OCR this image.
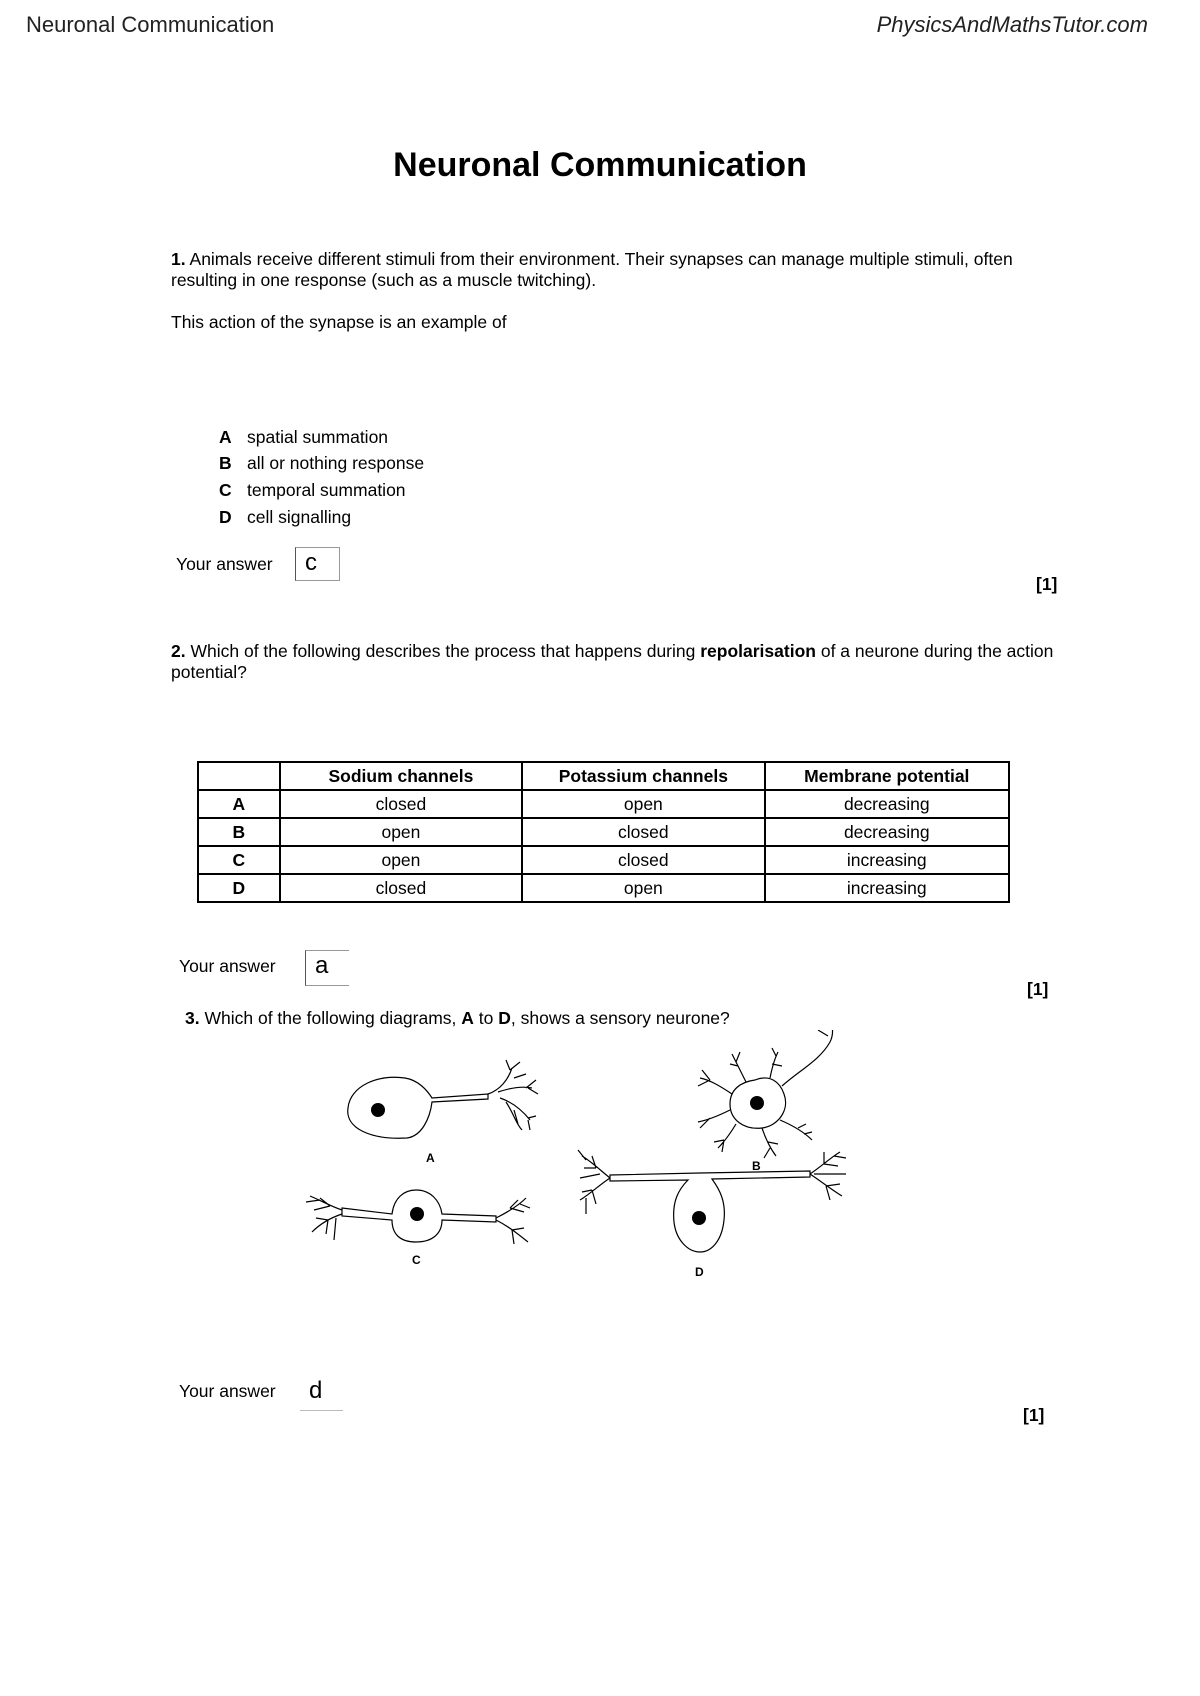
Neuronal Communication	PhysicsAndMathsTutor.com
Neuronal Communication
1. Animals receive different stimuli from their environment. Their synapses can manage multiple stimuli, often resulting in one response (such as a muscle twitching).
This action of the synapse is an example of
A spatial summation
B all or nothing response
C temporal summation
D cell signalling
Your answer	c
[1]
2. Which of the following describes the process that happens during repolarisation of a neurone during the action potential?
	Sodium channels	Potassium channels	Membrane potential
A	closed	open	decreasing
B	open	closed	decreasing
C	open	closed	increasing
D	closed	open	increasing
Your answer	a
[1]
3. Which of the following diagrams, A to D, shows a sensory neurone?
A
B
C
D
Your answer	d
[1]
